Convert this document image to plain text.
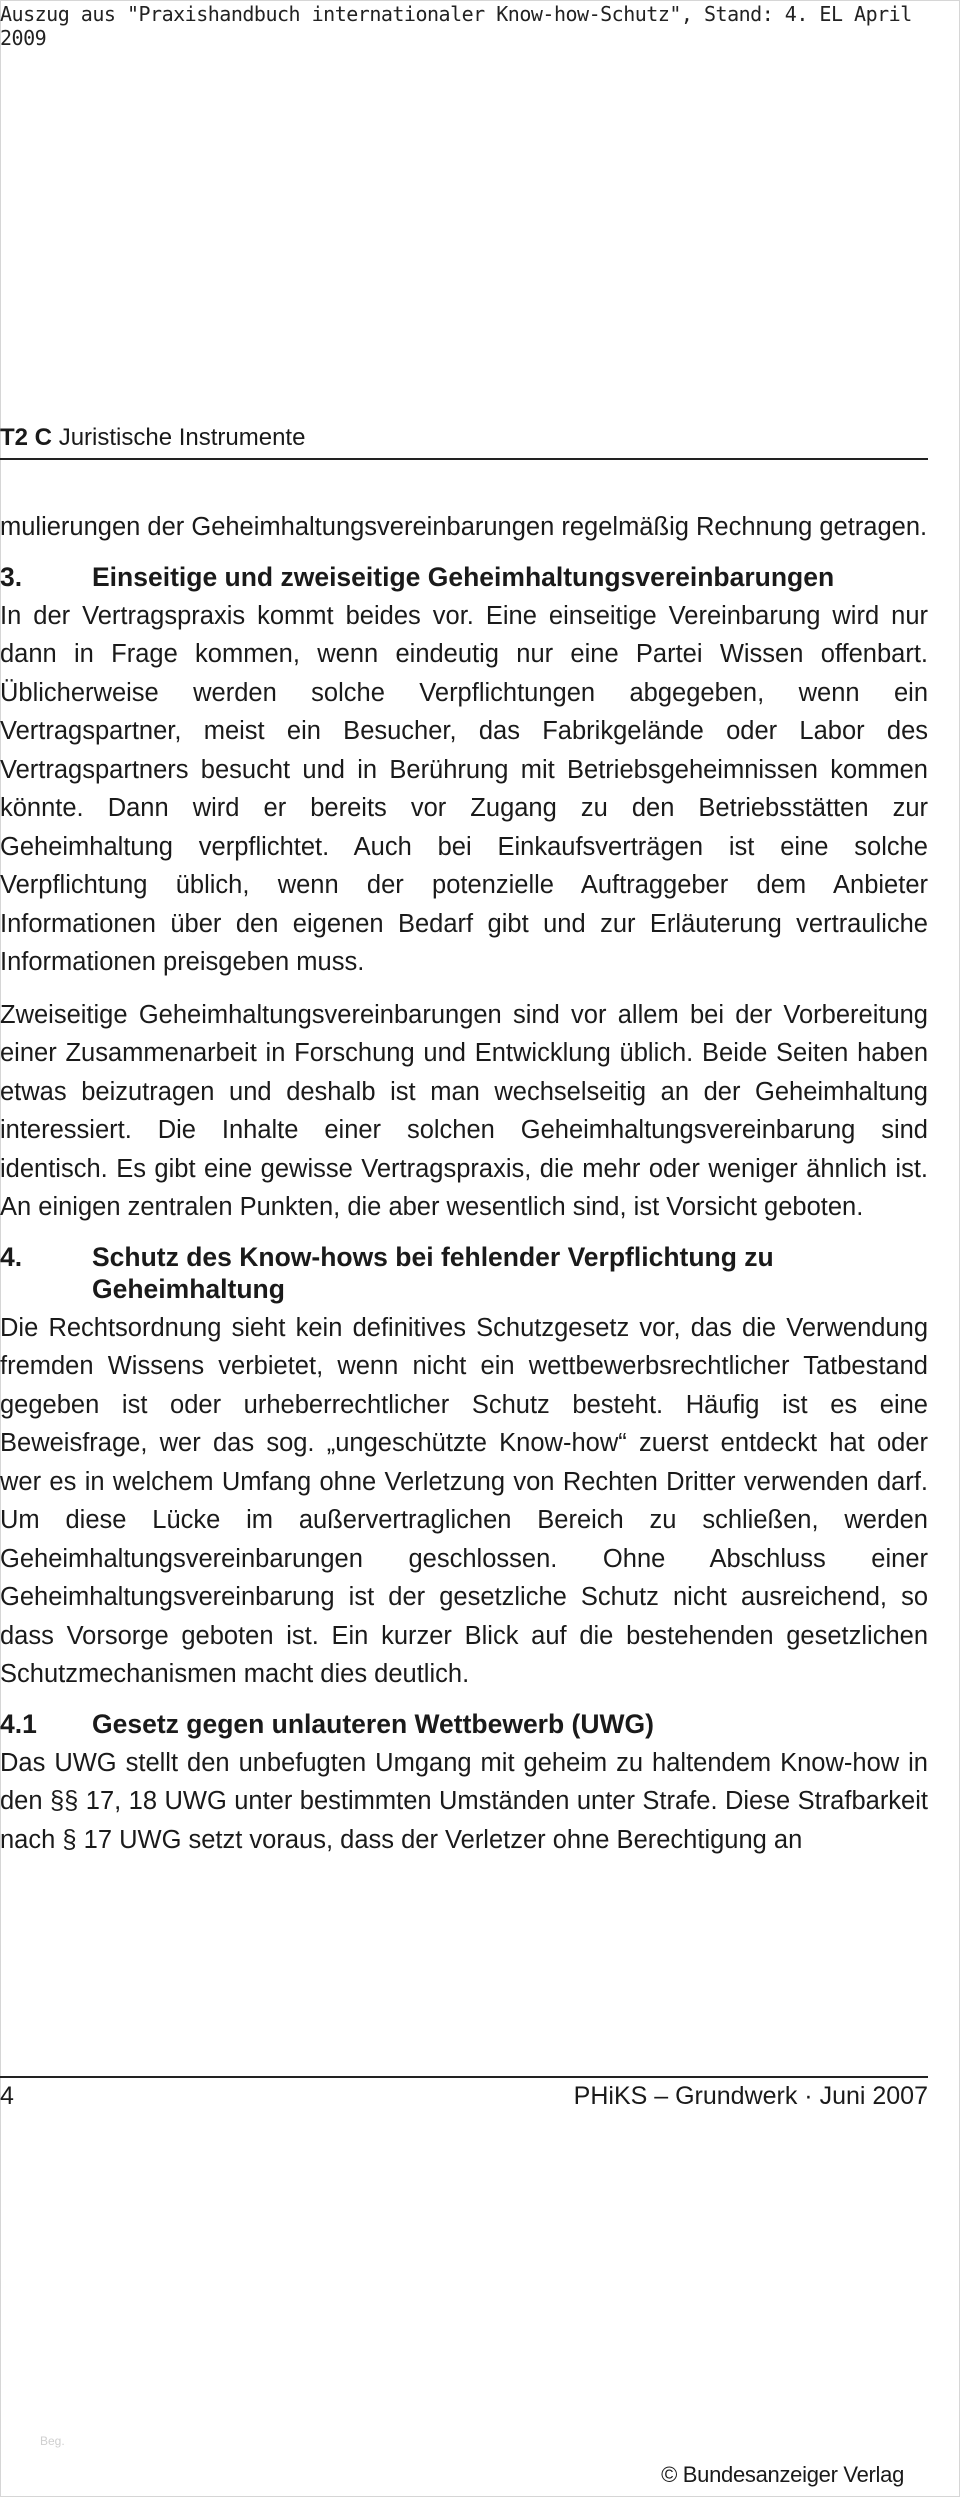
Auszug aus "Praxishandbuch internationaler Know-how-Schutz", Stand: 4. EL April 2009
T2 C Juristische Instrumente

mulierungen der Geheimhaltungsvereinbarungen regelmäßig Rechnung getragen.

3.	Einseitige und zweiseitige Geheimhaltungsvereinbarungen

In der Vertragspraxis kommt beides vor. Eine einseitige Vereinbarung wird nur dann in Frage kommen, wenn eindeutig nur eine Partei Wissen offenbart. Üblicherweise werden solche Verpflichtungen abgegeben, wenn ein Vertragspartner, meist ein Besucher, das Fabrikgelände oder Labor des Vertragspartners besucht und in Berührung mit Betriebsgeheimnissen kommen könnte. Dann wird er bereits vor Zugang zu den Betriebsstätten zur Geheimhaltung verpflichtet. Auch bei Einkaufsverträgen ist eine solche Verpflichtung üblich, wenn der potenzielle Auftraggeber dem Anbieter Informationen über den eigenen Bedarf gibt und zur Erläuterung vertrauliche Informationen preisgeben muss.

Zweiseitige Geheimhaltungsvereinbarungen sind vor allem bei der Vorbereitung einer Zusammenarbeit in Forschung und Entwicklung üblich. Beide Seiten haben etwas beizutragen und deshalb ist man wechselseitig an der Geheimhaltung interessiert. Die Inhalte einer solchen Geheimhaltungsvereinbarung sind identisch. Es gibt eine gewisse Vertragspraxis, die mehr oder weniger ähnlich ist. An einigen zentralen Punkten, die aber wesentlich sind, ist Vorsicht geboten.

4.	Schutz des Know-hows bei fehlender Verpflichtung zu Geheimhaltung

Die Rechtsordnung sieht kein definitives Schutzgesetz vor, das die Verwendung fremden Wissens verbietet, wenn nicht ein wettbewerbsrechtlicher Tatbestand gegeben ist oder urheberrechtlicher Schutz besteht. Häufig ist es eine Beweisfrage, wer das sog. „ungeschützte Know-how“ zuerst entdeckt hat oder wer es in welchem Umfang ohne Verletzung von Rechten Dritter verwenden darf. Um diese Lücke im außervertraglichen Bereich zu schließen, werden Geheimhaltungsvereinbarungen geschlossen. Ohne Abschluss einer Geheimhaltungsvereinbarung ist der gesetzliche Schutz nicht ausreichend, so dass Vorsorge geboten ist. Ein kurzer Blick auf die bestehenden gesetzlichen Schutzmechanismen macht dies deutlich.

4.1	Gesetz gegen unlauteren Wettbewerb (UWG)

Das UWG stellt den unbefugten Umgang mit geheim zu haltendem Know-how in den §§ 17, 18 UWG unter bestimmten Umständen unter Strafe. Diese Strafbarkeit nach § 17 UWG setzt voraus, dass der Verletzer ohne Berechtigung an

4	PHiKS – Grundwerk · Juni 2007
Beg.
© Bundesanzeiger Verlag
